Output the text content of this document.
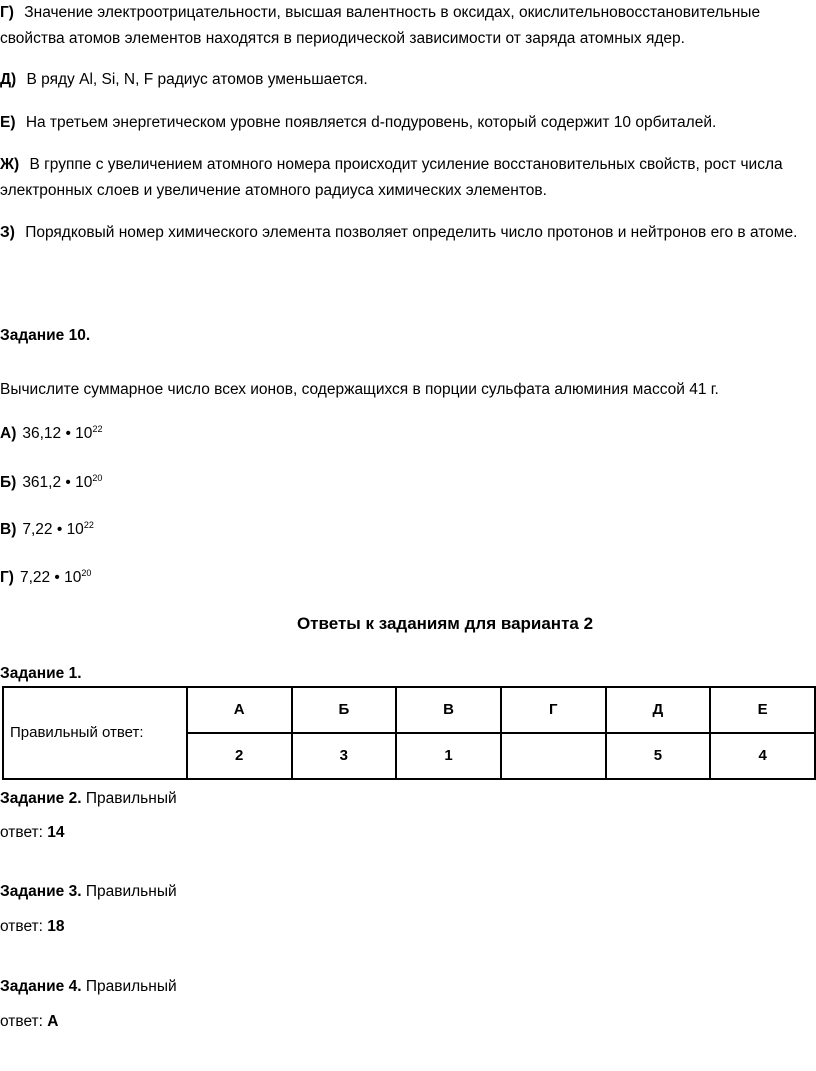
Г) Значение электроотрицательности, высшая валентность в оксидах, окислительновосстановительные свойства атомов элементов находятся в периодической зависимости от заряда атомных ядер.

Д) В ряду Al, Si, N, F радиус атомов уменьшается.

Е) На третьем энергетическом уровне появляется d-подуровень, который содержит 10 орбиталей.

Ж) В группе с увеличением атомного номера происходит усиление восстановительных свойств, рост числа электронных слоев и увеличение атомного радиуса химических элементов.

З) Порядковый номер химического элемента позволяет определить число протонов и нейтронов его в атоме.

Задание 10.

Вычислите суммарное число всех ионов, содержащихся в порции сульфата алюминия массой 41 г.

А) 36,12 • $10^{22}$

Б) 361,2 • $10^{20}$

В) 7,22 • $10^{22}$

Г) 7,22 • $10^{20}$

Ответы к заданиям для варианта 2

Задание 1.

Правильный ответ:	А	Б	В	Г	Д	Е
	2	3	1		5	4

Задание 2. Правильный

ответ: 14

Задание 3. Правильный

ответ: 18

Задание 4. Правильный

ответ: А
